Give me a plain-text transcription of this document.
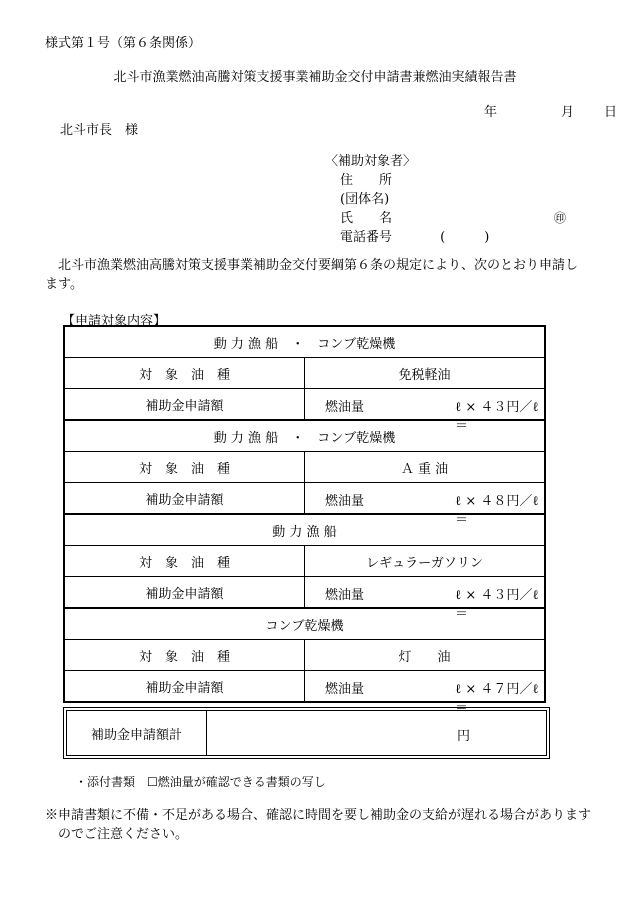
様式第１号（第６条関係）
北斗市漁業燃油高騰対策支援事業補助金交付申請書兼燃油実績報告書
年	月 日
北斗市長　様
〈補助対象者〉
住　　所
(団体名)
氏　　名	㊞
電話番号	(　　　)
北斗市漁業燃油高騰対策支援事業補助金交付要綱第６条の規定により、次のとおり申請します。
【申請対象内容】
動 力 漁 船　・　コンブ乾燥機	
対　象　油　種	免税軽油
補助金申請額	燃油量 ℓ × ４３円／ℓ　＝

動 力 漁 船　・　コンブ乾燥機	
対　象　油　種	Ａ 重 油
補助金申請額	燃油量 ℓ × ４８円／ℓ　＝

動 力 漁 船	
対　象　油　種	レギュラーガソリン
補助金申請額	燃油量 ℓ × ４３円／ℓ　＝

コンブ乾燥機	
対　象　油　種	灯　　油
補助金申請額	燃油量 ℓ × ４７円／ℓ　＝
補助金申請額計	円
・添付書類　☐燃油量が確認できる書類の写し
※申請書類に不備・不足がある場合、確認に時間を要し補助金の支給が遅れる場合がありますのでご注意ください。
